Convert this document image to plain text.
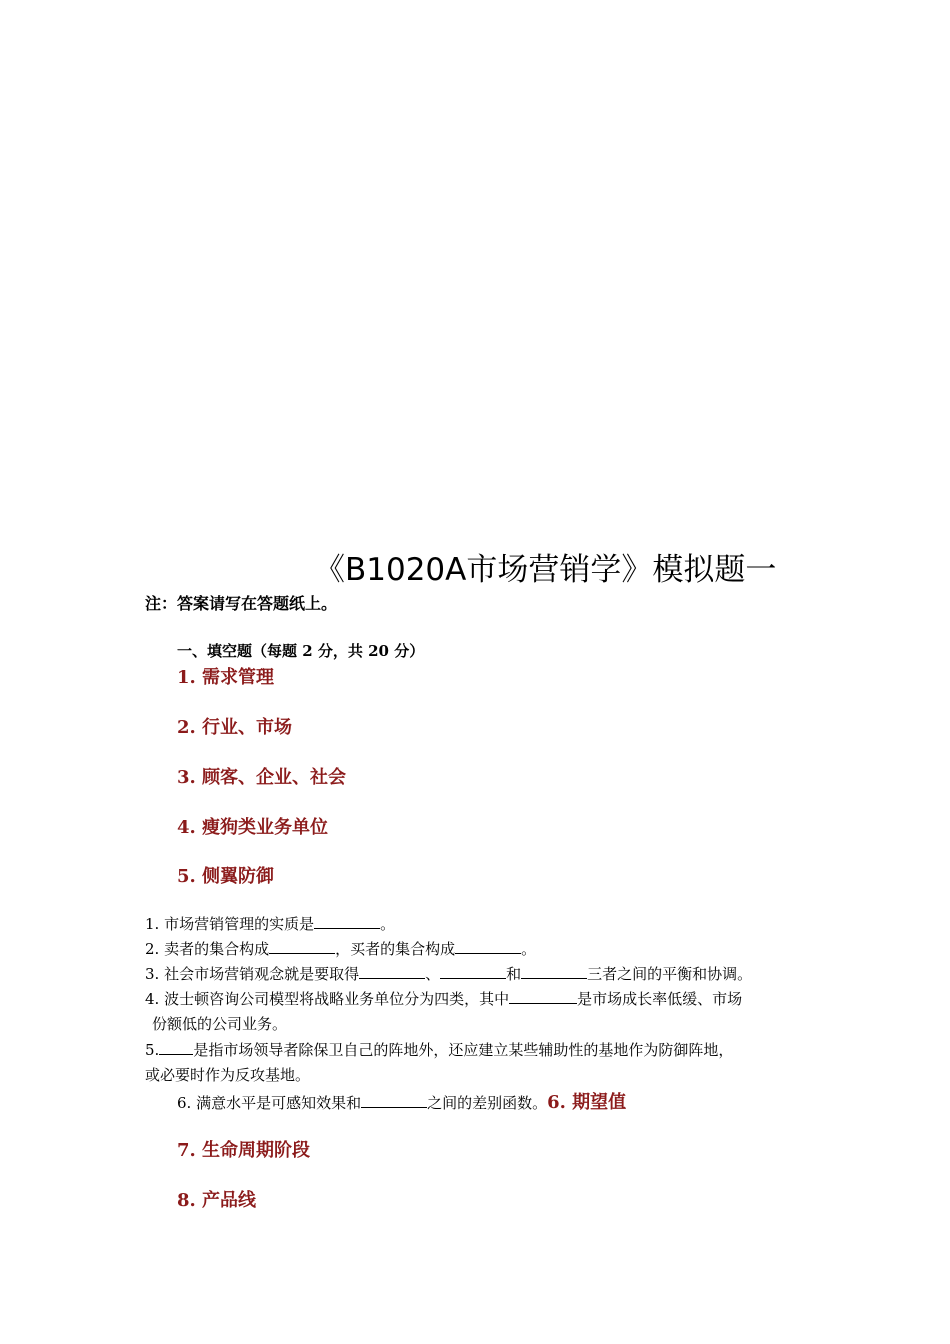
《B1020A市场营销学》模拟题一
注：答案请写在答题纸上。
一、填空题（每题 2 分，共 20 分）
1. 需求管理
2. 行业、市场
3. 顾客、企业、社会
4. 瘦狗类业务单位
5. 侧翼防御
1. 市场营销管理的实质是	。
2. 卖者的集合构成	，买者的集合构成	。
3. 社会市场营销观念就是要取得	、	和	三者之间的平衡和协调。
4. 波士顿咨询公司模型将战略业务单位分为四类，其中	是市场成长率低缓、市场
份额低的公司业务。
5. 是指市场领导者除保卫自己的阵地外，还应建立某些辅助性的基地作为防御阵地，
或必要时作为反攻基地。
6. 满意水平是可感知效果和	之间的差别函数。6. 期望值
7. 生命周期阶段
8. 产品线
